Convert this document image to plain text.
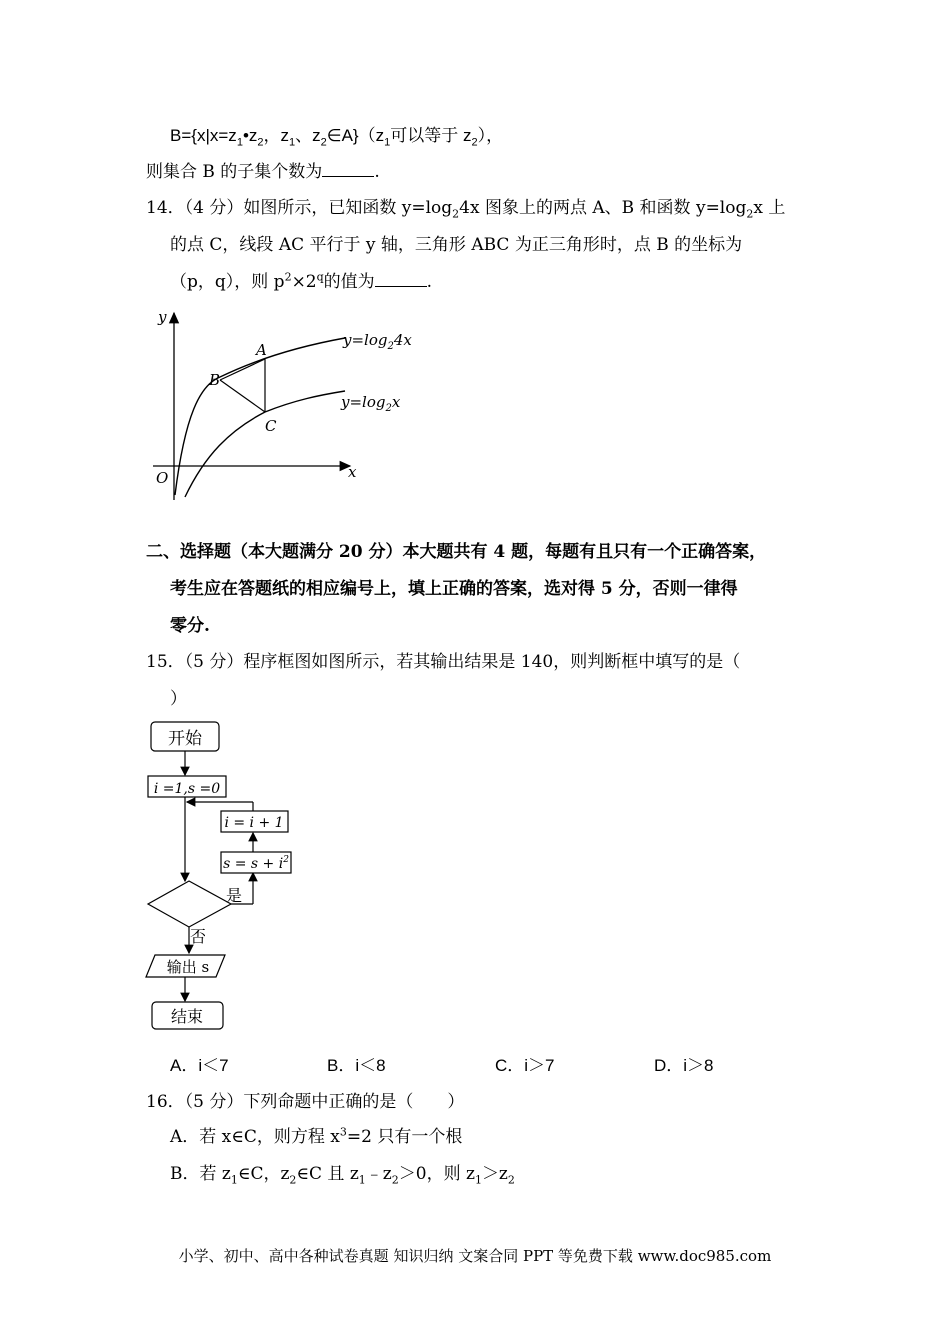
$B=\{x|x=z_1•z_2$，$z_1$、$z_2\in A\}(z_1$可以等于 $z_2$），
则集合 B 的子集个数为	.
14．（4 分）如图所示，已知函数 $y=\log_24x$ 图象上的两点 A、B 和函数 $y=\log_2x$ 上
的点 C，线段 AC 平行于 y 轴，三角形 ABC 为正三角形时，点 B 的坐标为
（p，q），则 $p^2\times 2^q$的值为	.
y
x
O
A
B
C
$y=\log_24x$
$y=\log_2x$
二、选择题（本大题满分 20 分）本大题共有 4 题，每题有且只有一个正确答案，
考生应在答题纸的相应编号上，填上正确的答案，选对得 5 分，否则一律得
零分.
15．（5 分）程序框图如图所示，若其输出结果是 140，则判断框中填写的是（
）
开始
i =1,s =0
是
$s = s + i^2$
i = i + 1
否
输出 s
结束
A．i＜7	B．i＜8	C．i＞7	D．i＞8
16．（5 分）下列命题中正确的是（　　）
A．若 x∈C，则方程 $x^3=2$ 只有一个根
B．若 $z_1\in C$，$z_2\in C$ 且 $z_1﹣z_2>0$，则 $z_1>z_2$
小学、初中、高中各种试卷真题 知识归纳 文案合同 PPT 等免费下载 www.doc985.com
